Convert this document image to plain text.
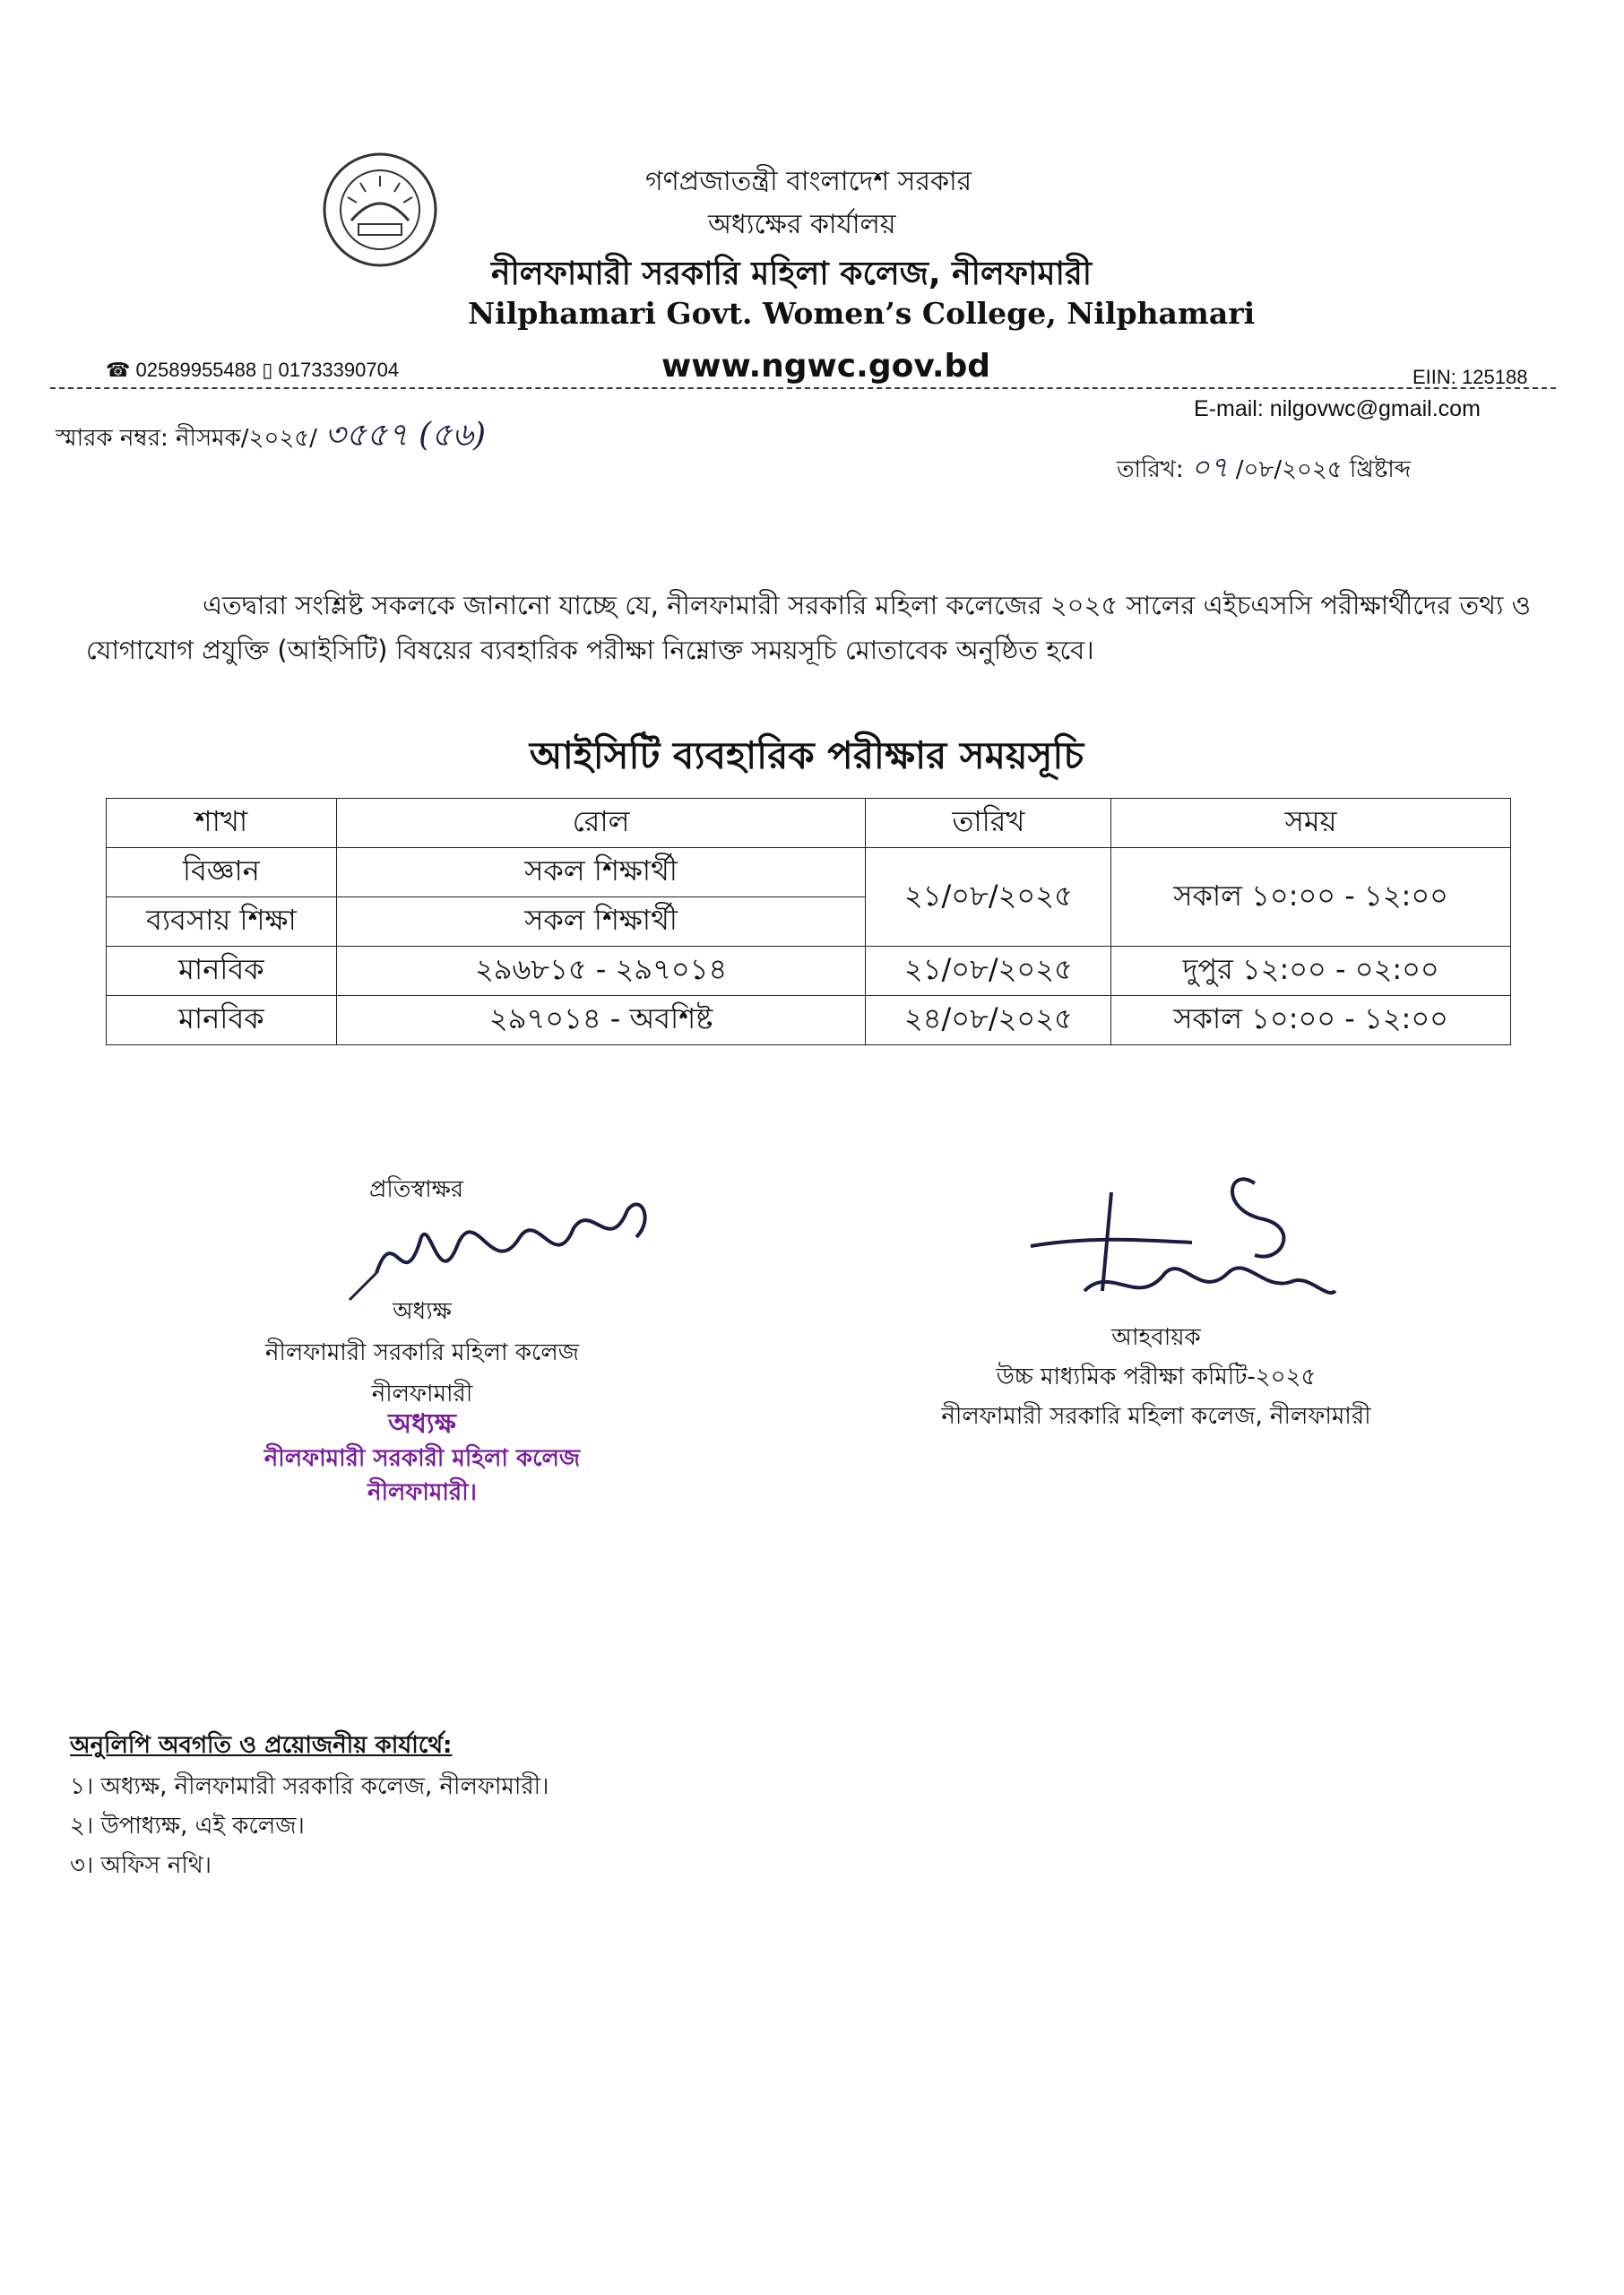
গণপ্রজাতন্ত্রী বাংলাদেশ সরকার
অধ্যক্ষের কার্যালয়
নীলফামারী সরকারি মহিলা কলেজ, নীলফামারী
Nilphamari Govt. Women’s College, Nilphamari
☎ 02589955488 ▯ 01733390704	www.ngwc.gov.bd	EIIN: 125188
E-mail: nilgovwc@gmail.com
স্মারক নম্বর: নীসমক/২০২৫/ ৩৫৫৭ (৫৬)
তারিখ: ০৭ /০৮/২০২৫ খ্রিষ্টাব্দ
এতদ্বারা সংশ্লিষ্ট সকলকে জানানো যাচ্ছে যে, নীলফামারী সরকারি মহিলা কলেজের ২০২৫ সালের এইচএসসি পরীক্ষার্থীদের তথ্য ও যোগাযোগ প্রযুক্তি (আইসিটি) বিষয়ের ব্যবহারিক পরীক্ষা নিম্নোক্ত সময়সূচি মোতাবেক অনুষ্ঠিত হবে।
আইসিটি ব্যবহারিক পরীক্ষার সময়সূচি
শাখা	রোল	তারিখ	সময়
বিজ্ঞান	সকল শিক্ষার্থী	২১/০৮/২০২৫	সকাল ১০:০০ - ১২:০০
ব্যবসায় শিক্ষা	সকল শিক্ষার্থী		
মানবিক	২৯৬৮১৫ - ২৯৭০১৪	২১/০৮/২০২৫	দুপুর ১২:০০ - ০২:০০
মানবিক	২৯৭০১৪ - অবশিষ্ট	২৪/০৮/২০২৫	সকাল ১০:০০ - ১২:০০
প্রতিস্বাক্ষর
অধ্যক্ষ
নীলফামারী সরকারি মহিলা কলেজ
নীলফামারী
অধ্যক্ষ
নীলফামারী সরকারী মহিলা কলেজ
নীলফামারী।
আহবায়ক
উচ্চ মাধ্যমিক পরীক্ষা কমিটি-২০২৫
নীলফামারী সরকারি মহিলা কলেজ, নীলফামারী
অনুলিপি অবগতি ও প্রয়োজনীয় কার্যার্থে:
১। অধ্যক্ষ, নীলফামারী সরকারি কলেজ, নীলফামারী।
২। উপাধ্যক্ষ, এই কলেজ।
৩। অফিস নথি।
